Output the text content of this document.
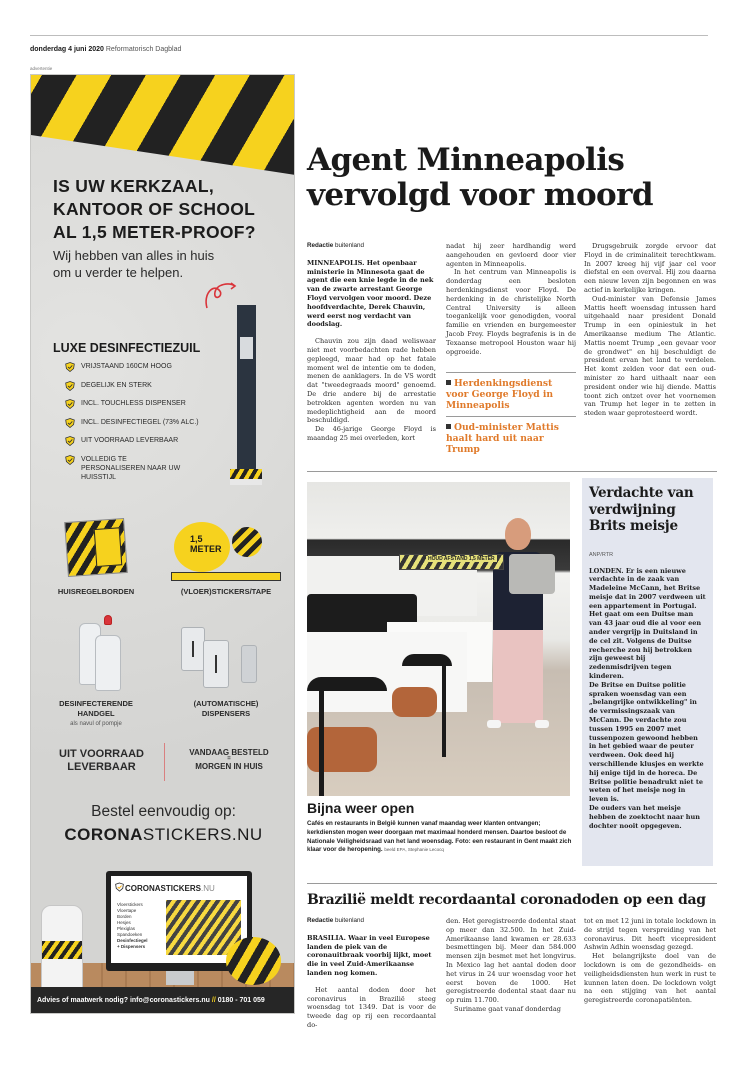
donderdag 4 juni 2020 Reformatorisch Dagblad
advertentie
IS UW KERKZAAL,
KANTOOR OF SCHOOL
AL 1,5 METER-PROOF?
Wij hebben van alles in huis
om u verder te helpen.
LUXE DESINFECTIEZUIL
VRIJSTAAND 160CM HOOG
DEGELIJK EN STERK
INCL. TOUCHLESS DISPENSER
INCL. DESINFECTIEGEL (73% ALC.)
UIT VOORRAAD LEVERBAAR
VOLLEDIG TE PERSONALISEREN NAAR UW HUISSTIJL
1,5 METER
HUISREGELBORDEN	(VLOER)STICKERS/TAPE
DESINFECTERENDE HANDGEL
als navul of pompje
(AUTOMATISCHE) DISPENSERS
UIT VOORRAAD
LEVERBAAR
VANDAAG BESTELD
=
MORGEN IN HUIS
Bestel eenvoudig op:
CORONASTICKERS.NU
CORONASTICKERS.NU
Vloerstickers
Vloertape
Borden
Hesjes
Plexiglas
Spandoeken
Desinfectiegel
+ Dispensers
Advies of maatwerk nodig? info@coronastickers.nu // 0180 - 701 059
Agent Minneapolis
vervolgd voor moord
Redactie buitenland

MINNEAPOLIS. Het openbaar ministerie in Minnesota gaat de agent die een knie legde in de nek van de zwarte arrestant George Floyd vervolgen voor moord. Deze hoofdverdachte, Derek Chauvin, werd eerst nog verdacht van doodslag.

Chauvin zou zijn daad weliswaar niet met voorbedachten rade hebben gepleegd, maar had op het fatale moment wel de intentie om te doden, menen de aanklagers. In de VS wordt dat "tweedegraads moord" genoemd. De drie andere bij de arrestatie betrokken agenten worden nu van medeplichtigheid aan de moord beschuldigd.

De 46-jarige George Floyd is maandag 25 mei overleden, kort

nadat hij zeer hardhandig werd aangehouden en gevloerd door vier agenten in Minneapolis.

In het centrum van Minneapolis is donderdag een besloten herdenkingsdienst voor Floyd. De herdenking in de christelijke North Central University is alleen toegankelijk voor genodigden, vooral familie en vrienden en burgemeester Jacob Frey. Floyds begrafenis is in de Texaanse metropool Houston waar hij opgroeide.

Herdenkingsdienst voor George Floyd in Minneapolis
Oud-minister Mattis haalt hard uit naar Trump

Drugsgebruik zorgde ervoor dat Floyd in de criminaliteit terechtkwam. In 2007 kreeg hij vijf jaar cel voor diefstal en een overval. Hij zou daarna een nieuw leven zijn begonnen en was actief in kerkelijke kringen.

Oud-minister van Defensie James Mattis heeft woensdag intussen hard uitgehaald naar president Donald Trump in een opiniestuk in het Amerikaanse medium The Atlantic. Mattis noemt Trump „een gevaar voor de grondwet" en hij beschuldigt de president ervan het land te verdelen. Het komt zelden voor dat een oud-minister zo hard uithaalt naar een president onder wie hij diende. Mattis toont zich ontzet over het voornemen van Trump het leger in te zetten in steden waar geprotesteerd wordt.

HOUD AFSTAND 1,5 METER
Bijna weer open
Cafés en restaurants in België kunnen vanaf maandag weer klanten ontvangen; kerkdiensten mogen weer doorgaan met maximaal honderd mensen. Daartoe besloot de Nationale Veiligheidsraad van het land woensdag. Foto: een restaurant in Gent maakt zich klaar voor de heropening. beeld EPA, Stephanie Lecocq
Verdachte van verdwijning Brits meisje
ANP/RTR

LONDEN. Er is een nieuwe verdachte in de zaak van Madeleine McCann, het Britse meisje dat in 2007 verdween uit een appartement in Portugal. Het gaat om een Duitse man van 43 jaar oud die al voor een ander vergrijp in Duitsland in de cel zit. Volgens de Duitse recherche zou hij betrokken zijn geweest bij zedenmisdrijven tegen kinderen.

De Britse en Duitse politie spraken woensdag van een „belangrijke ontwikkeling" in de vermissingszaak van McCann. De verdachte zou tussen 1995 en 2007 met tussenpozen gewoond hebben in het gebied waar de peuter verdween. Ook deed hij verschillende klusjes en werkte hij enige tijd in de horeca. De Britse politie benadrukt niet te weten of het meisje nog in leven is.

De ouders van het meisje hebben de zoektocht naar hun dochter nooit opgegeven.

Brazilië meldt recordaantal coronadoden op een dag
Redactie buitenland

BRASILIA. Waar in veel Europese landen de piek van de coronauitbraak voorbij lijkt, moet die in veel Zuid-Amerikaanse landen nog komen.

Het aantal doden door het coronavirus in Brazilië steeg woensdag tot 1349. Dat is voor de tweede dag op rij een recordaantal do-

den. Het geregistreerde dodental staat op meer dan 32.500. In het Zuid-Amerikaanse land kwamen er 28.633 besmettingen bij. Meer dan 584.000 mensen zijn besmet met het longvirus. In Mexico lag het aantal doden door het virus in 24 uur woensdag voor het eerst boven de 1000. Het geregistreerde dodental staat daar nu op ruim 11.700.

Suriname gaat vanaf donderdag

tot en met 12 juni in totale lockdown in de strijd tegen verspreiding van het coronavirus. Dit heeft vicepresident Ashwin Adhin woensdag gezegd.

Het belangrijkste doel van de lockdown is om de gezondheids- en veiligheidsdiensten hun werk in rust te kunnen laten doen. De lockdown volgt na een stijging van het aantal geregistreerde coronapatiënten.
